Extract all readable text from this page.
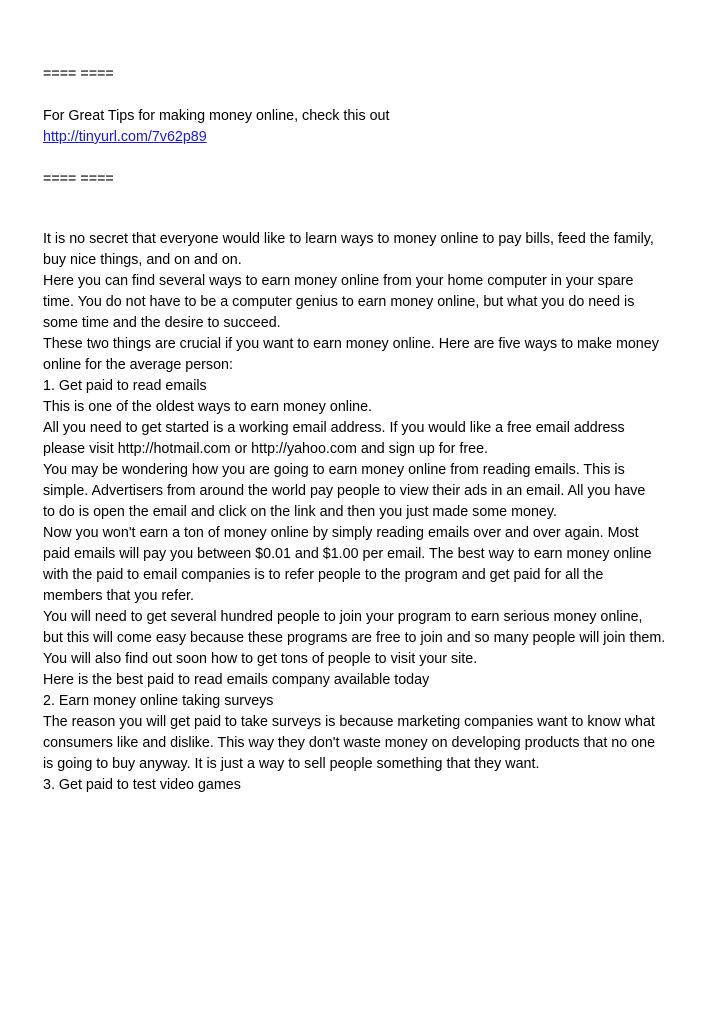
==== ====

For Great Tips for making money online, check this out
http://tinyurl.com/7v62p89

==== ====

It is no secret that everyone would like to learn ways to money online to pay bills, feed the family,
buy nice things, and on and on.
Here you can find several ways to earn money online from your home computer in your spare
time. You do not have to be a computer genius to earn money online, but what you do need is
some time and the desire to succeed.
These two things are crucial if you want to earn money online. Here are five ways to make money
online for the average person:
1. Get paid to read emails
This is one of the oldest ways to earn money online.
All you need to get started is a working email address. If you would like a free email address
please visit http://hotmail.com or http://yahoo.com and sign up for free.
You may be wondering how you are going to earn money online from reading emails. This is
simple. Advertisers from around the world pay people to view their ads in an email. All you have
to do is open the email and click on the link and then you just made some money.
Now you won't earn a ton of money online by simply reading emails over and over again. Most
paid emails will pay you between $0.01 and $1.00 per email. The best way to earn money online
with the paid to email companies is to refer people to the program and get paid for all the
members that you refer.
You will need to get several hundred people to join your program to earn serious money online,
but this will come easy because these programs are free to join and so many people will join them.
You will also find out soon how to get tons of people to visit your site.
Here is the best paid to read emails company available today
2. Earn money online taking surveys
The reason you will get paid to take surveys is because marketing companies want to know what
consumers like and dislike. This way they don't waste money on developing products that no one
is going to buy anyway. It is just a way to sell people something that they want.
3. Get paid to test video games
